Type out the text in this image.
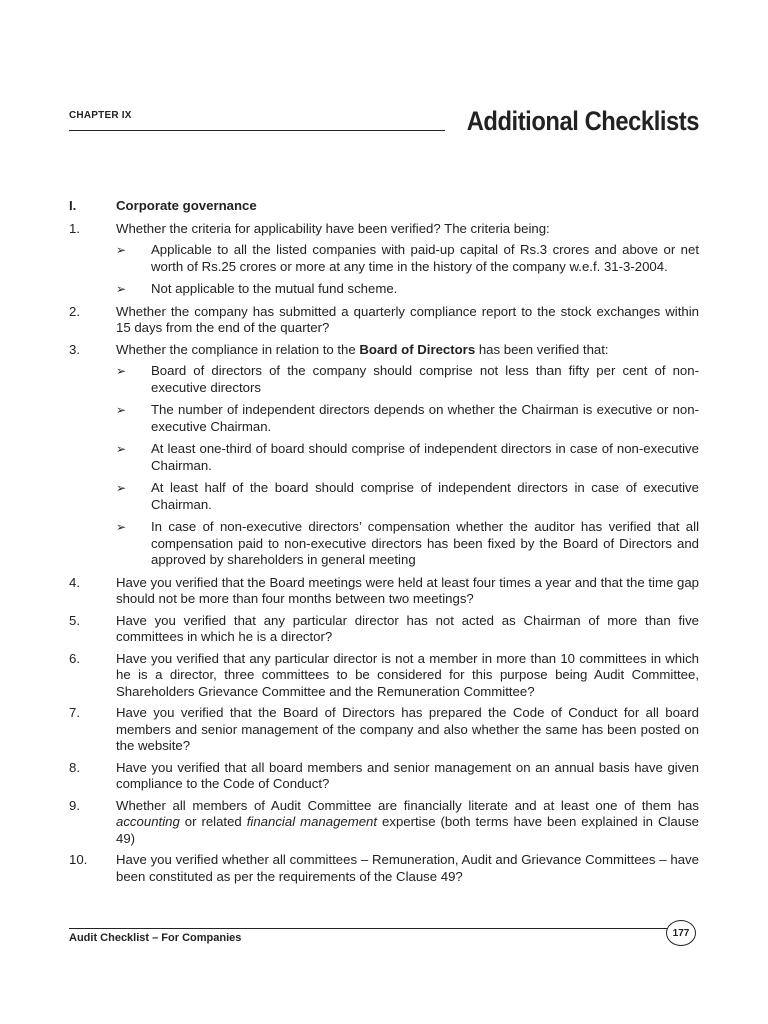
CHAPTER IX	Additional Checklists
I.	Corporate governance
1.	Whether the criteria for applicability have been verified? The criteria being:
➢	Applicable to all the listed companies with paid-up capital of Rs.3 crores and above or net worth of Rs.25 crores or more at any time in the history of the company w.e.f. 31-3-2004.
➢	Not applicable to the mutual fund scheme.
2.	Whether the company has submitted a quarterly compliance report to the stock exchanges within 15 days from the end of the quarter?
3.	Whether the compliance in relation to the Board of Directors has been verified that:
➢	Board of directors of the company should comprise not less than fifty per cent of non-executive directors
➢	The number of independent directors depends on whether the Chairman is executive or non-executive Chairman.
➢	At least one-third of board should comprise of independent directors in case of non-executive Chairman.
➢	At least half of the board should comprise of independent directors in case of executive Chairman.
➢	In case of non-executive directors’ compensation whether the auditor has verified that all compensation paid to non-executive directors has been fixed by the Board of Directors and approved by shareholders in general meeting
4.	Have you verified that the Board meetings were held at least four times a year and that the time gap should not be more than four months between two meetings?
5.	Have you verified that any particular director has not acted as Chairman of more than five committees in which he is a director?
6.	Have you verified that any particular director is not a member in more than 10 committees in which he is a director, three committees to be considered for this purpose being Audit Committee, Shareholders Grievance Committee and the Remuneration Committee?
7.	Have you verified that the Board of Directors has prepared the Code of Conduct for all board members and senior management of the company and also whether the same has been posted on the website?
8.	Have you verified that all board members and senior management on an annual basis have given compliance to the Code of Conduct?
9.	Whether all members of Audit Committee are financially literate and at least one of them has accounting or related financial management expertise (both terms have been explained in Clause 49)
10.	Have you verified whether all committees – Remuneration, Audit and Grievance Committees – have been constituted as per the requirements of the Clause 49?
Audit Checklist – For Companies	177
